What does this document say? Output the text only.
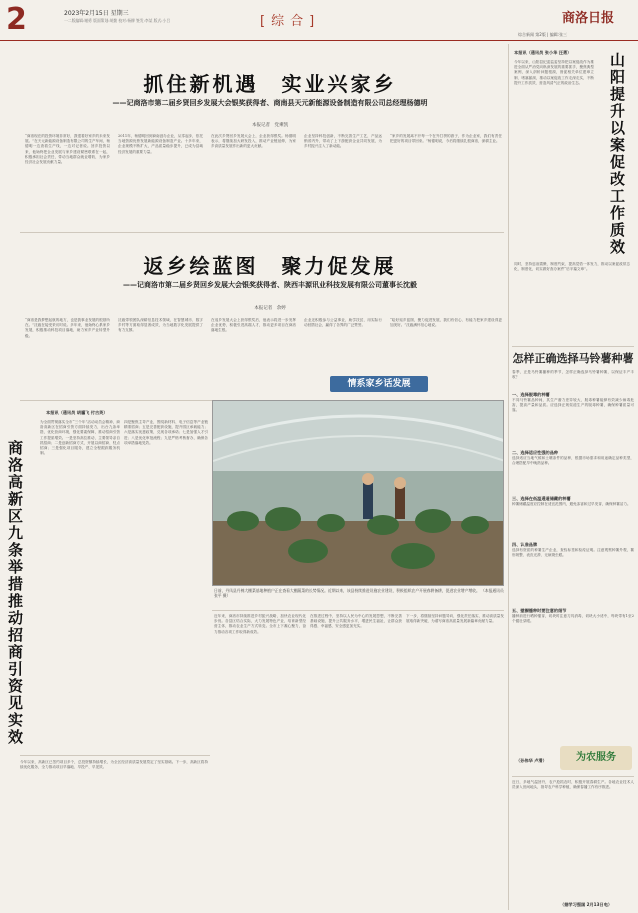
2	2023年2月15日 星期三
一二版编辑:谢勇 版面策划:胡勤 校对:杨柳 签发:李某 版式:小吕	[综合]	商洛日报
综合新闻 第2版 | 编辑:张三
抓住新机遇　实业兴家乡
——记商洛市第二届乡贤回乡发展大会银奖获得者、商南县天元新能源设备制造有限公司总经理杨德明
本报记者　党乘凯
“商洛现在的投资环境非常好，我很看好家乡的未来发展。”在天元新能源设备制造有限公司的生产车间，杨德明一边查看生产线，一边对记者说。回乡投资以来，他始终把企业发展与家乡建设紧密联系在一起，积极承担社会责任，带动当地群众就业增收，为家乡经济社会发展贡献力量。
2011年，杨德明回到商南创办企业，从零起步，依托当地资源优势发展新能源设备制造产业。十多年来，企业规模不断扩大，产品质量稳步提升，已成为县域经济发展的重要力量。
在此次乡贤回乡发展大会上，企业获得银奖。杨德明表示，将继续加大研发投入，推动产业链延伸，为家乡高质量发展作出新的更大贡献。
企业坚持科技创新，不断完善生产工艺，产品远销省内外，带动了上下游配套企业共同发展，为乡村振兴注入了新动能。
“家乡的发展离不开每一个在外打拼的游子，作为企业家，我们有责任把更好的项目带回来。”杨德明说，今后将继续扎根商洛，深耕主业。
返乡绘蓝图　聚力促发展
——记商洛市第二届乡贤回乡发展大会银奖获得者、陕西丰源讯业科技发展有限公司董事长沈毅
本报记者　余婷
“商洛是我梦想起航的地方，也是我事业发展的根基所在。”沈毅在接受采访时说。多年来，他始终心系家乡发展，积极推动科技项目落地，助力家乡产业转型升级。
沈毅带领团队深耕信息技术领域，在智慧城市、数字乡村等方面取得显著成效，为当地数字化发展提供了有力支撑。
在返乡发展大会上获得银奖后，他表示将进一步发挥企业优势，积极引进高端人才，推动更多项目在商洛落地生根。
企业还积极参与公益事业，助学扶贫，用实际行动回馈社会，赢得了各界的广泛赞誉。
“绘好返乡蓝图，聚力促进发展，我们有信心、有能力把家乡建设得更加美好。”沈毅满怀信心地说。
情系家乡话发展
商洛高新区九条举措推动招商引资见实效
本报讯（通讯员 胡骥飞 付古英）
为全面贯彻落实全市“三个年”活动动员会精神，商洛高新区在招商引资方面持续发力，出台九条举措，优化营商环境，强化要素保障，推动招商引资工作提质增效。一是坚持高位推动，主要领导亲自抓招商；二是创新招商方式，开展以商招商、驻点招商；三是强化项目服务，建立全程跟踪服务机制。
四是聚焦主导产业，围绕新材料、电子信息等产业链精准招商；五是完善配套设施，提升园区承载能力；六是落实优惠政策，兑现各项承诺；七是加强人才引进；八是优化审批流程；九是严格考核督办，确保各项举措落地见效。
今年以来，高新区已签约项目多个，总投资额持续增长，为全区经济高质量发展奠定了坚实基础。下一步，高新区将持续优化服务，全力推动项目早落地、早投产、早见效。
日前，丹凤县丹棉大棚菜基地种植户正在查看大棚蔬菜的长势情况。近期以来，该县持续推进设施农业建设，积极组织农户开展春耕备耕，促进农业增产增收。 （本报通讯员 张平 摄）
近年来，商洛市持续推进乡村振兴战略，加快农业现代化步伐。各县区结合实际，大力发展特色产业，培育新型经营主体，推动农业生产方式转变。全市上下凝心聚力，奋力推动各项工作取得新成效。
在推进过程中，坚持以人民为中心的发展思想，不断完善基础设施，提升公共服务水平，增进民生福祉，让群众获得感、幸福感、安全感更加充实。
下一步，将继续坚持问题导向，强化责任落实，推动高质量发展取得新突破，为谱写商洛高质量发展新篇章贡献力量。
山阳提升以案促改工作质效
本报讯（通讯员 张小华 汪勇）
今年以来，山阳县纪委监委坚持把以案促改作为推进全面从严治党向纵深发展的重要抓手，聚焦典型案例，深入剖析问题根源，督促相关单位建章立制、堵塞漏洞，推动以案促改工作走深走实，不断提升工作质效，营造风清气正的政治生态。
同时，坚持惩治震慑、制度约束、提高觉悟一体发力，推动以案促改常态化、制度化，切实做好查办案件“后半篇文章”。
怎样正确选择马铃薯种薯
春季，正是马铃薯播种的季节，怎样正确选择马铃薯种薯，以保证丰产丰收？
一、选择脱毒的种薯
不同马铃薯品种间，其生产潜力差异较大，脱毒种薯能够有效减少病毒危害，提高产量和品质。应选择正规渠道生产的脱毒种薯，确保种薯质量可靠。
二、选择适应性强的品种
选择适应当地气候和土壤条件的品种，根据市场需求和用途确定品种类型，合理搭配早中晚熟品种。
三、选择在低温通道储藏的种薯
种薯储藏温度应控制在适宜范围内，避免冻害和过早发芽，确保种薯活力。
四、认准品牌
选择有资质的种薯生产企业，查验标签和检疫证明。注意观察种薯外观，薯形规整、表皮光滑、无病斑虫眼。
五、壁橱播种时要注意的细节
播种前进行晒种催芽，切块时注意刀具消毒，切块大小适中，每块带有1至2个健壮芽眼。
为农服务
（孙伟华 卢滑）
近日，多地气温回升，农户抢抓农时，积极开展春耕生产。各地农业技术人员深入田间地头，指导农户科学种植，确保春播工作有序推进。
（据学习强国 2月13日电）
